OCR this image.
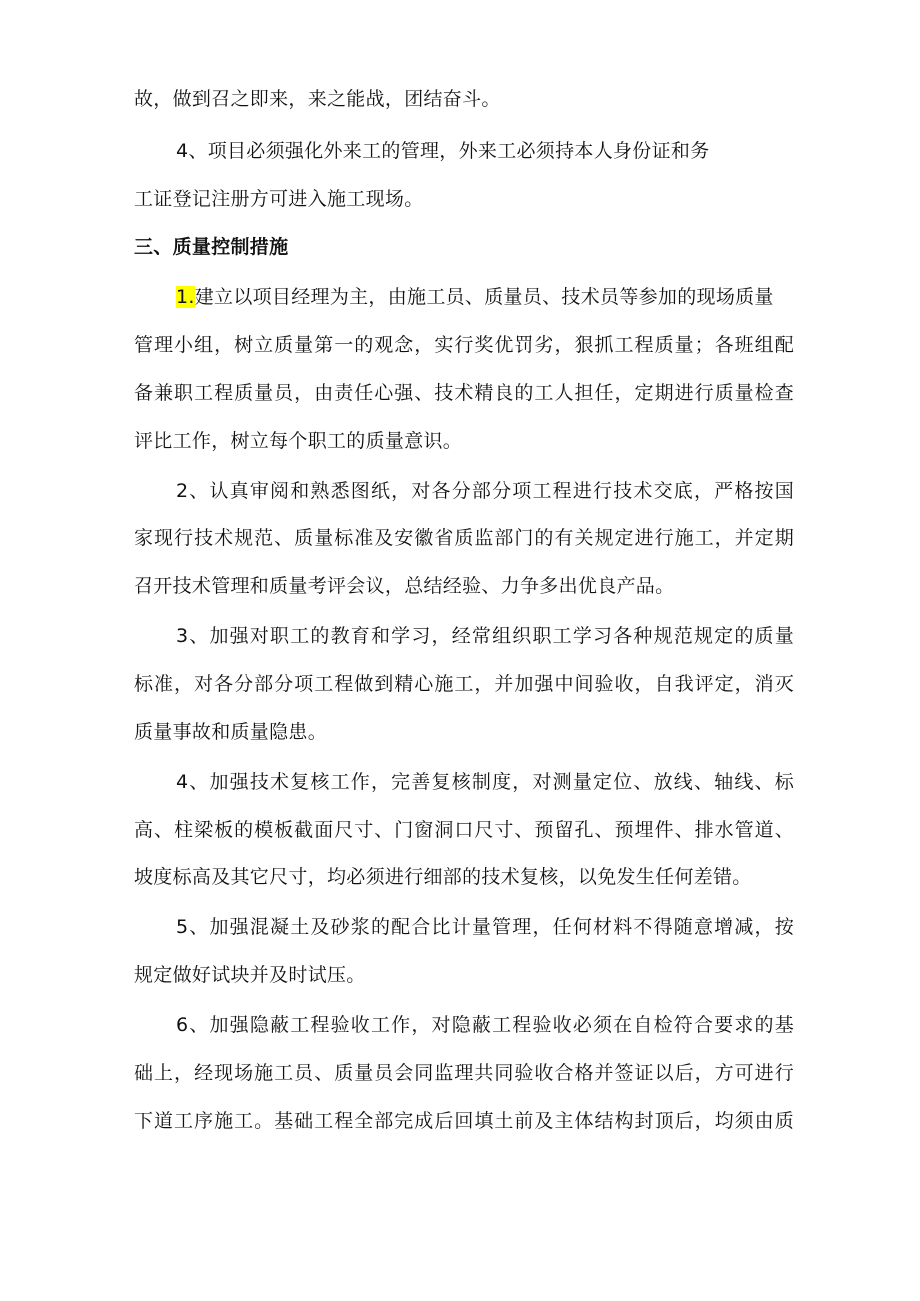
故，做到召之即来，来之能战，团结奋斗。
4、项目必须强化外来工的管理，外来工必须持本人身份证和务
工证登记注册方可进入施工现场。
三、质量控制措施
1.建立以项目经理为主，由施工员、质量员、技术员等参加的现场质量
管理小组，树立质量第一的观念，实行奖优罚劣，狠抓工程质量；各班组配
备兼职工程质量员，由责任心强、技术精良的工人担任，定期进行质量检查
评比工作，树立每个职工的质量意识。
2、认真审阅和熟悉图纸，对各分部分项工程进行技术交底，严格按国
家现行技术规范、质量标准及安徽省质监部门的有关规定进行施工，并定期
召开技术管理和质量考评会议，总结经验、力争多出优良产品。
3、加强对职工的教育和学习，经常组织职工学习各种规范规定的质量
标准，对各分部分项工程做到精心施工，并加强中间验收，自我评定，消灭
质量事故和质量隐患。
4、加强技术复核工作，完善复核制度，对测量定位、放线、轴线、标
高、柱梁板的模板截面尺寸、门窗洞口尺寸、预留孔、预埋件、排水管道、
坡度标高及其它尺寸，均必须进行细部的技术复核，以免发生任何差错。
5、加强混凝土及砂浆的配合比计量管理，任何材料不得随意增减，按
规定做好试块并及时试压。
6、加强隐蔽工程验收工作，对隐蔽工程验收必须在自检符合要求的基
础上，经现场施工员、质量员会同监理共同验收合格并签证以后，方可进行
下道工序施工。基础工程全部完成后回填土前及主体结构封顶后，均须由质
